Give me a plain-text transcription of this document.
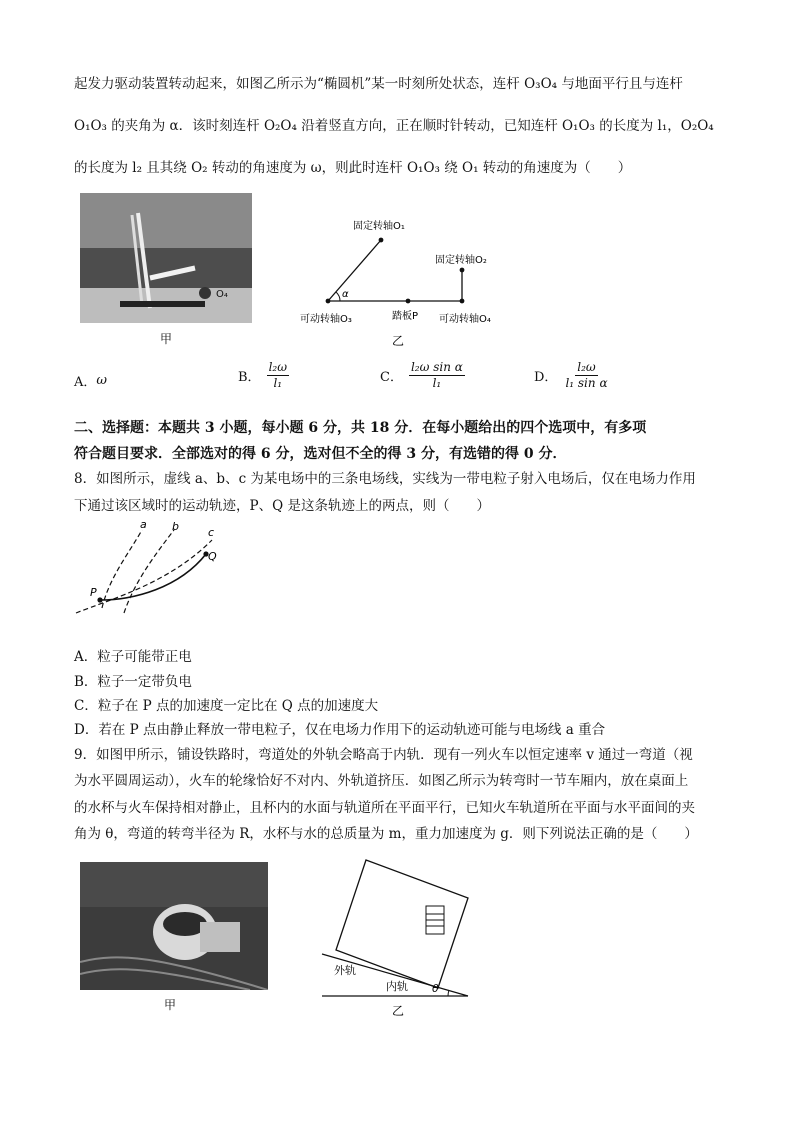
起发力驱动装置转动起来，如图乙所示为“椭圆机”某一时刻所处状态，连杆 O₃O₄ 与地面平行且与连杆
O₁O₃ 的夹角为 α．该时刻连杆 O₂O₄ 沿着竖直方向，正在顺时针转动，已知连杆 O₁O₃ 的长度为 l₁，O₂O₄
的长度为 l₂ 且其绕 O₂ 转动的角速度为 ω，则此时连杆 O₁O₃ 绕 O₁ 转动的角速度为（　　）
O₄
甲
固定转轴O₁
固定转轴O₂
α
可动转轴O₃	踏板P 可动转轴O₄
乙
A． ω	B． $\frac{\text{l₂ω}}{\text{l₁}}$	C． $\frac{\text{l₂ω sin α}}{\text{l₁}}$	D． $\frac{\text{l₂ω}}{\text{l₁ sin α}}$
二、选择题：本题共 3 小题，每小题 6 分，共 18 分．在每小题给出的四个选项中，有多项
符合题目要求．全部选对的得 6 分，选对但不全的得 3 分，有选错的得 0 分．
8．如图所示，虚线 a、b、c 为某电场中的三条电场线，实线为一带电粒子射入电场后，仅在电场力作用
下通过该区域时的运动轨迹，P、Q 是这条轨迹上的两点，则（　　）
a b	c
P
Q
A．粒子可能带正电
B．粒子一定带负电
C．粒子在 P 点的加速度一定比在 Q 点的加速度大
D．若在 P 点由静止释放一带电粒子，仅在电场力作用下的运动轨迹可能与电场线 a 重合
9．如图甲所示，铺设铁路时，弯道处的外轨会略高于内轨．现有一列火车以恒定速率 v 通过一弯道（视
为水平圆周运动），火车的轮缘恰好不对内、外轨道挤压．如图乙所示为转弯时一节车厢内，放在桌面上
的水杯与火车保持相对静止，且杯内的水面与轨道所在平面平行，已知火车轨道所在平面与水平面间的夹
角为 θ，弯道的转弯半径为 R，水杯与水的总质量为 m，重力加速度为 g．则下列说法正确的是（　　）
甲
外轨
内轨 θ
乙
